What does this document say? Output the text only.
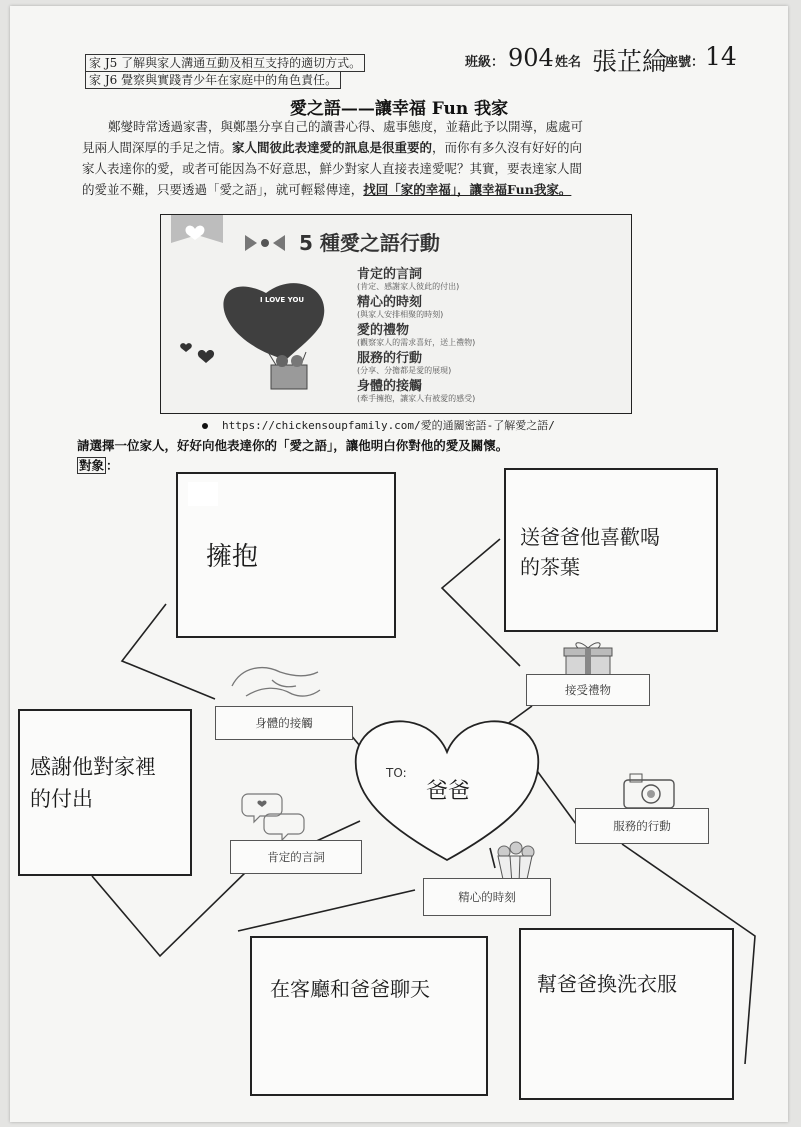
家 J5 了解與家人溝通互動及相互支持的適切方式。
家 J6 覺察與實踐青少年在家庭中的角色責任。
班級： 904 姓名 張芷綸
座號： 14
愛之語——讓幸福 Fun 我家
鄭燮時常透過家書，與鄭墨分享自己的讀書心得、處事態度，並藉此予以開導，處處可
見兩人間深厚的手足之情。家人間彼此表達愛的訊息是很重要的，而你有多久沒有好好的向
家人表達你的愛，或者可能因為不好意思，鮮少對家人直接表達愛呢？其實，要表達家人間
的愛並不難，只要透過「愛之語」，就可輕鬆傳達，找回「家的幸福」，讓幸福Fun我家。
I LOVE YOU
5 種愛之語行動
肯定的言詞
(肯定、感謝家人彼此的付出)
精心的時刻
(與家人安排相聚的時刻)
愛的禮物
(觀察家人的需求喜好，送上禮物)
服務的行動
(分享、分擔都是愛的展現)
身體的接觸
(牽手擁抱，讓家人有被愛的感受)
https://chickensoupfamily.com/愛的通關密語-了解愛之語/
請選擇一位家人，好好向他表達你的「愛之語」，讓他明白你對他的愛及關懷。
對象 ：
擁抱
送爸爸他喜歡喝
的茶葉
感謝他對家裡
的付出
在客廳和爸爸聊天	幫爸爸換洗衣服
TO:
爸爸
身體的接觸
接受禮物
肯定的言詞
精心的時刻
服務的行動
